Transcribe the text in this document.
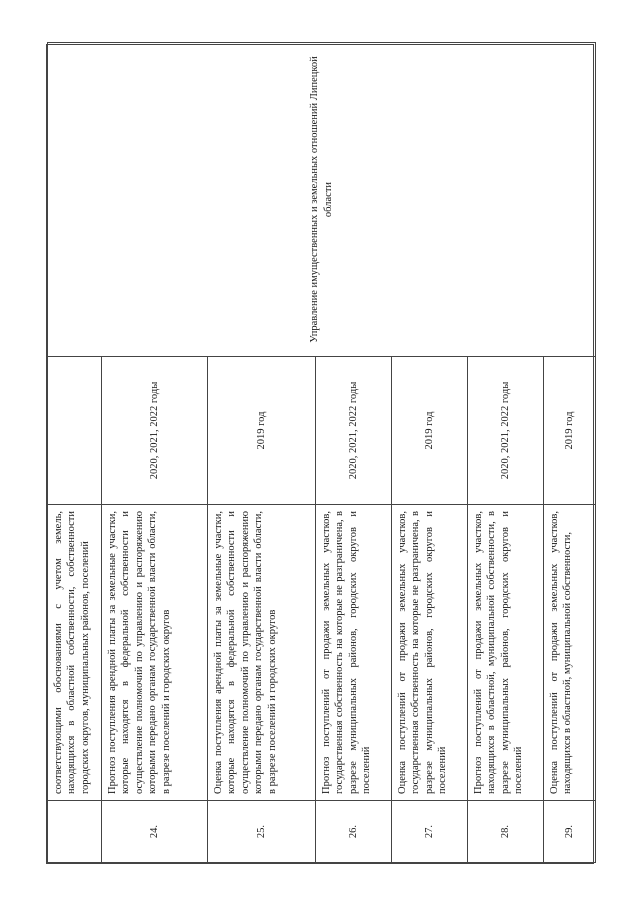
	соответствующими обоснованиями с учетом земель, находящихся в областной собственности, собственности городских округов, муниципальных районов, поселений		Управление имущественных и земельных отношений Липецкой области
24.	Прогноз поступления арендной платы за земельные участки, которые находятся в федеральной собственности и осуществление полномочий по управлению и распоряжению которыми передано органам государственной власти области, в разрезе поселений и городских округов	2020, 2021, 2022 годы	
25.	Оценка поступления арендной платы за земельные участки, которые находятся в федеральной собственности и осуществление полномочий по управлению и распоряжению которыми передано органам государственной власти области, в разрезе поселений и городских округов	2019 год	
26.	Прогноз поступлений от продажи земельных участков, государственная собственность на которые не разграничена, в разрезе муниципальных районов, городских округов и поселений	2020, 2021, 2022 годы	
27.	Оценка поступлений от продажи земельных участков, государственная собственность на которые не разграничена, в разрезе муниципальных районов, городских округов и поселений	2019 год	
28.	Прогноз поступлений от продажи земельных участков, находящихся в областной, муниципальной собственности, в разрезе муниципальных районов, городских округов и поселений	2020, 2021, 2022 годы	
29.	Оценка поступлений от продажи земельных участков, находящихся в областной, муниципальной собственности,	2019 год	
